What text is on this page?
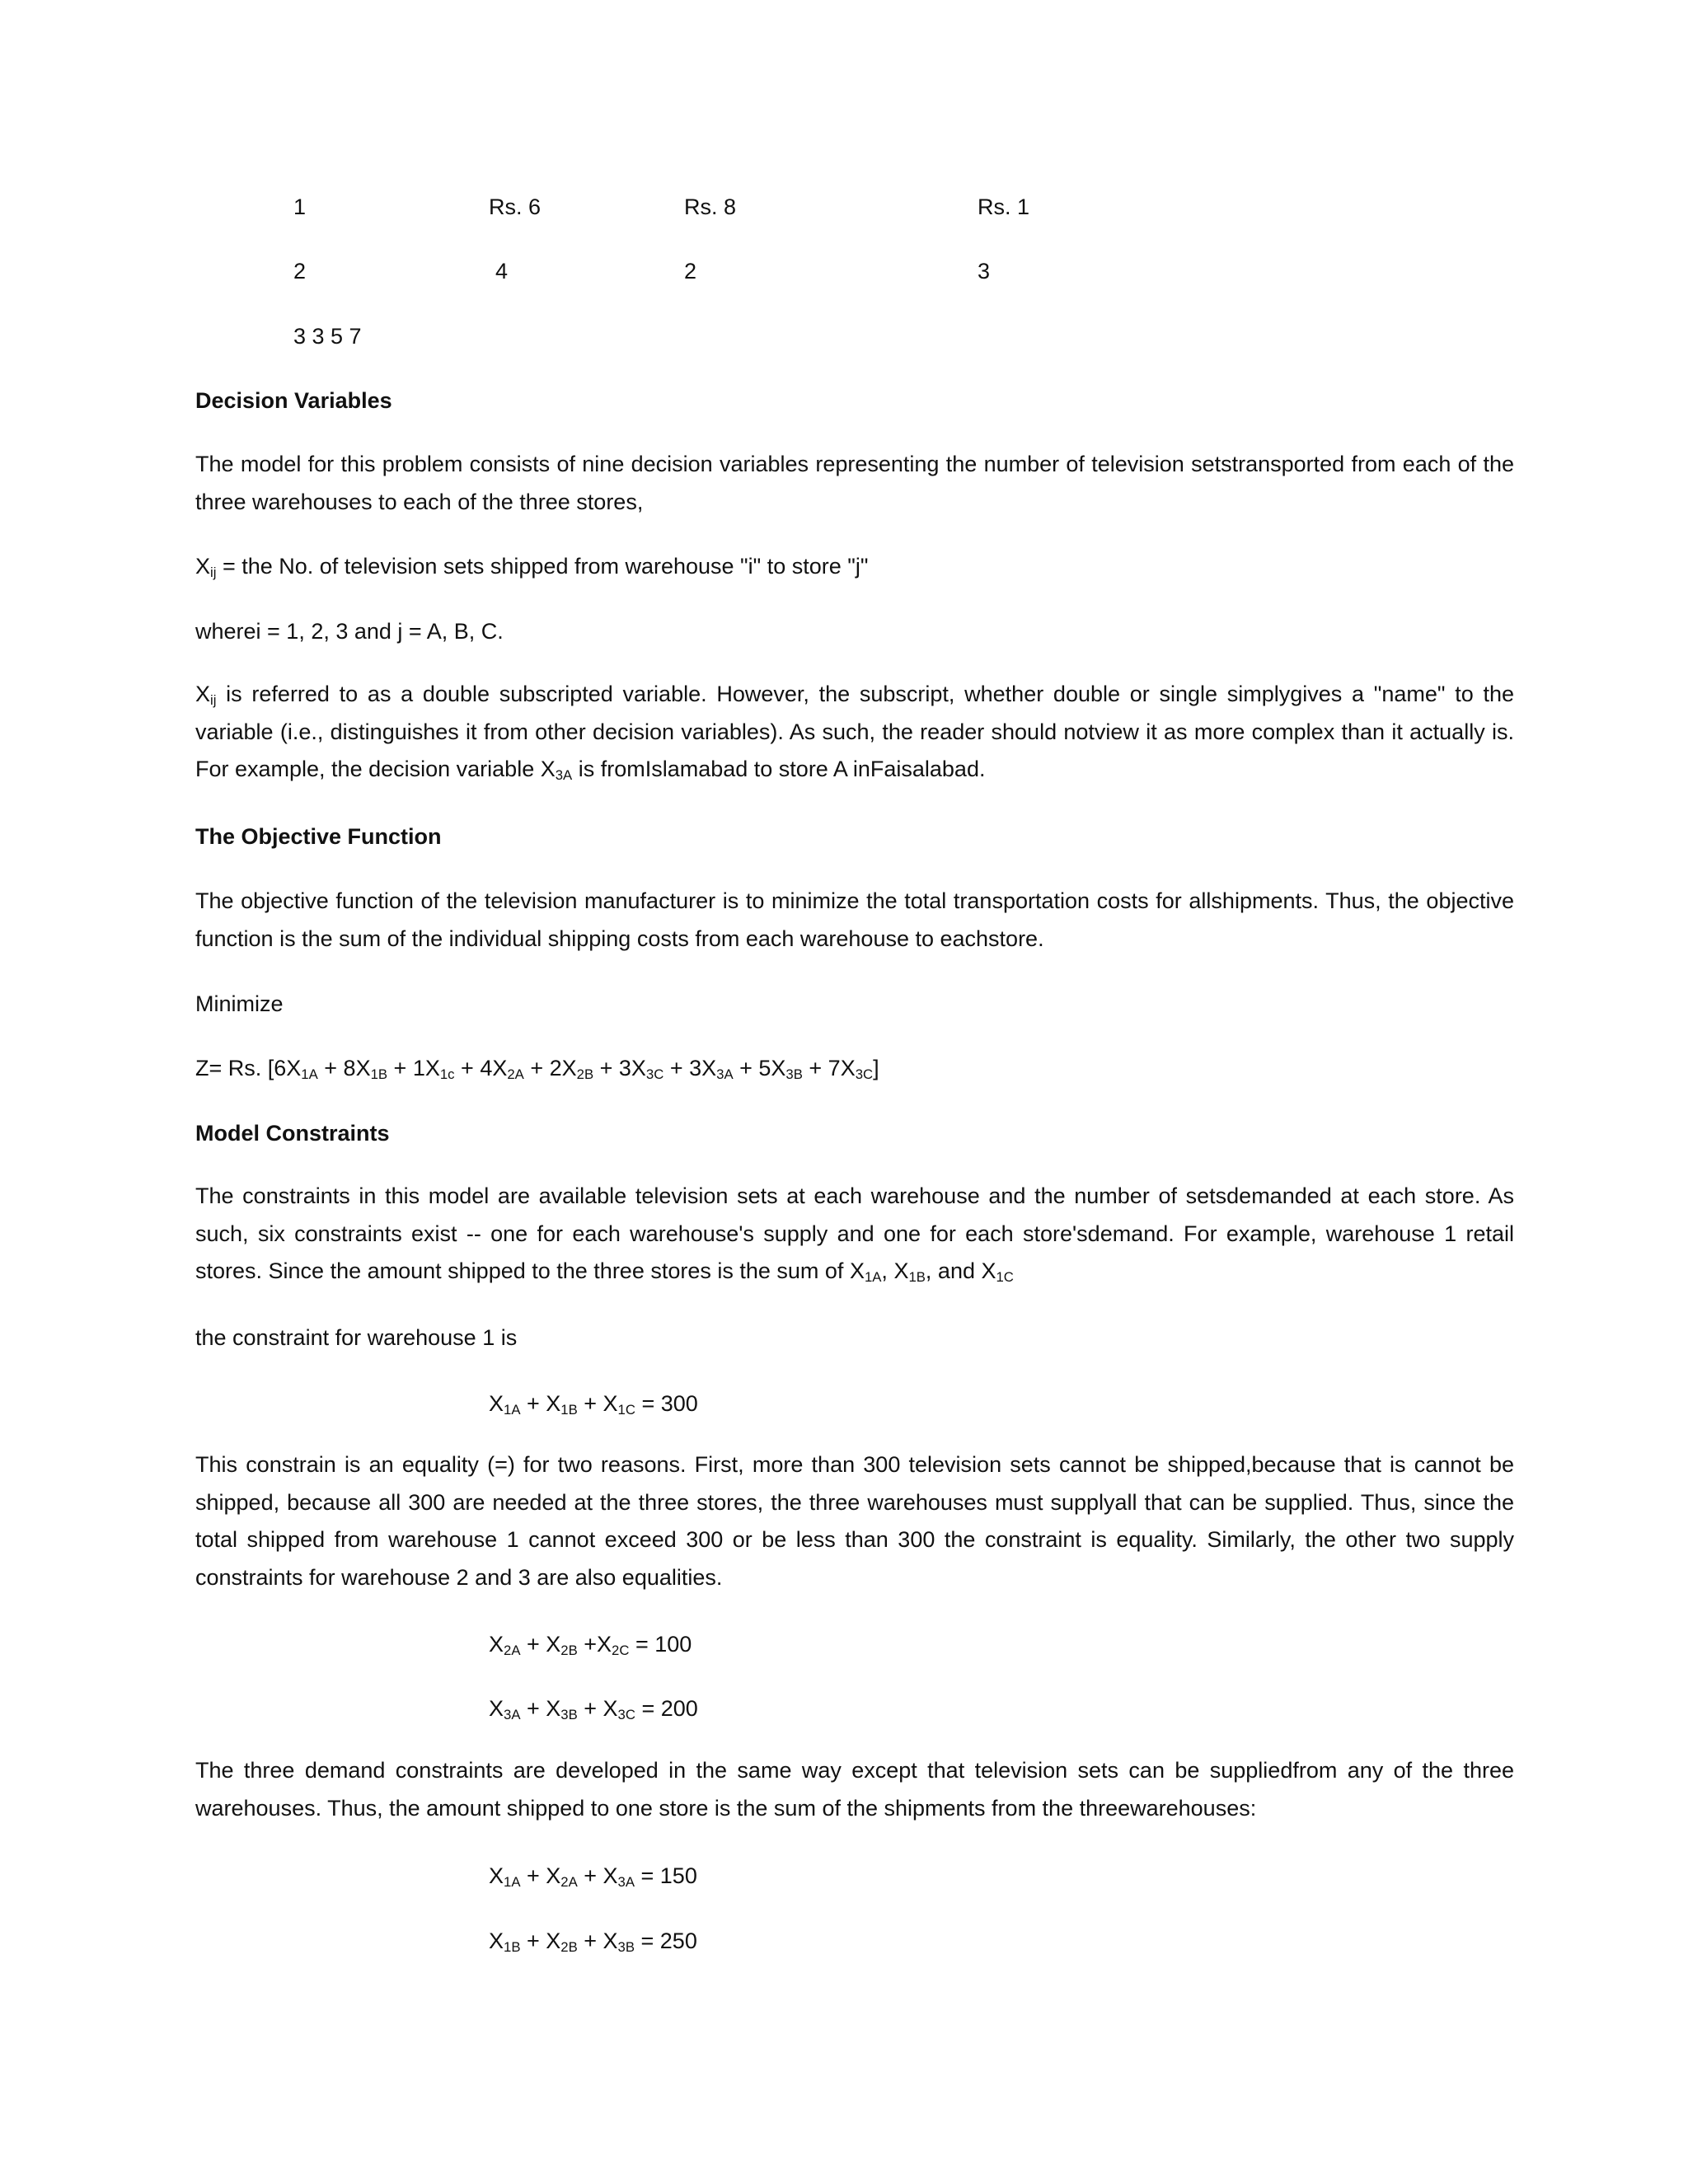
1	Rs. 6	Rs. 8	Rs. 1
2	4	2	3
3 3 5 7
Decision Variables

The model for this problem consists of nine decision variables representing the number of television setstransported from each of the three warehouses to each of the three stores,

$X_{ij}$ = the No. of television sets shipped from warehouse "i" to store "j"
wherei = 1, 2, 3 and j = A, B, C.

$X_{ij}$ is referred to as a double subscripted variable. However, the subscript, whether double or single simplygives a "name" to the variable (i.e., distinguishes it from other decision variables). As such, the reader should notview it as more complex than it actually is. For example, the decision variable $X_{3A}$ is fromIslamabad to store A inFaisalabad.

The Objective Function

The objective function of the television manufacturer is to minimize the total transportation costs for allshipments. Thus, the objective function is the sum of the individual shipping costs from each warehouse to eachstore.

Minimize
Z= Rs. $[6X_{1A} + 8X_{1B} + 1X_{1c} + 4X_{2A} + 2X_{2B} + 3X_{3C} + 3X_{3A} + 5X_{3B} + 7X_{3C}]$
Model Constraints

The constraints in this model are available television sets at each warehouse and the number of setsdemanded at each store. As such, six constraints exist -- one for each warehouse's supply and one for each store'sdemand. For example, warehouse 1 retail stores. Since the amount shipped to the three stores is the sum of $X_{1A}$, $X_{1B}$, and $X_{1C}$

the constraint for warehouse 1 is
$X_{1A} + X_{1B} + X_{1C} = 300$

This constrain is an equality (=) for two reasons. First, more than 300 television sets cannot be shipped,because that is cannot be shipped, because all 300 are needed at the three stores, the three warehouses must supplyall that can be supplied. Thus, since the total shipped from warehouse 1 cannot exceed 300 or be less than 300 the constraint is equality. Similarly, the other two supply constraints for warehouse 2 and 3 are also equalities.

$X_{2A} + X_{2B} +X_{2C} = 100$
$X_{3A} + X_{3B} + X_{3C} = 200$

The three demand constraints are developed in the same way except that television sets can be suppliedfrom any of the three warehouses. Thus, the amount shipped to one store is the sum of the shipments from the threewarehouses:

$X_{1A} + X_{2A} + X_{3A} = 150$
$X_{1B} + X_{2B} + X_{3B} = 250$
